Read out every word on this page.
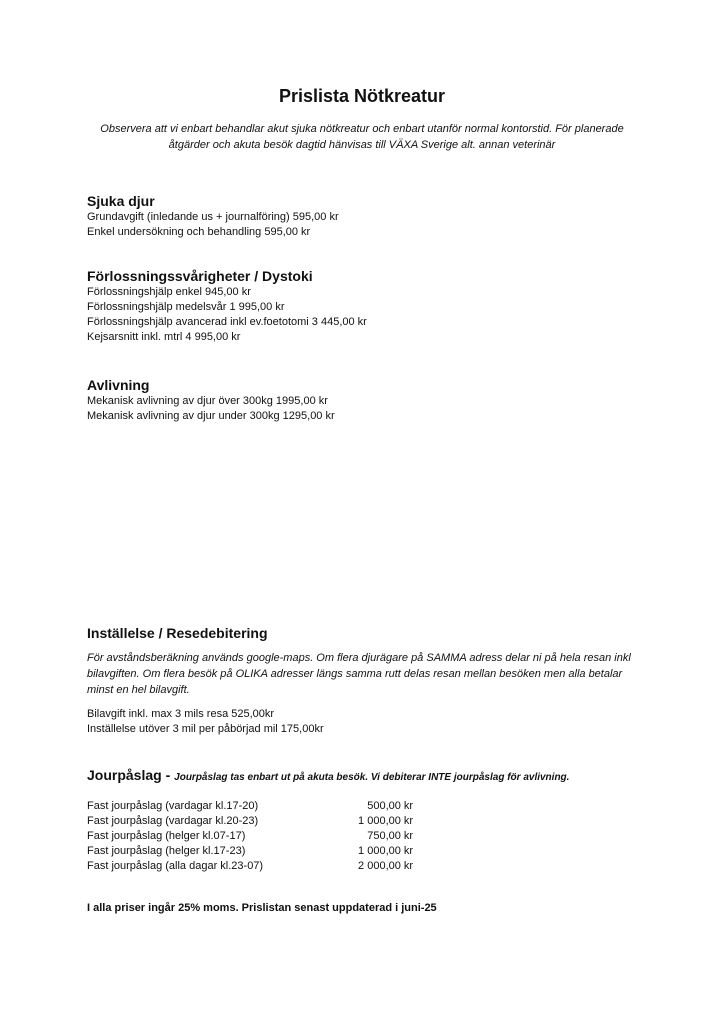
Prislista Nötkreatur

Observera att vi enbart behandlar akut sjuka nötkreatur och enbart utanför normal kontorstid. För planerade åtgärder och akuta besök dagtid hänvisas till VÄXA Sverige alt. annan veterinär

Sjuka djur
Grundavgift (inledande us + journalföring) 595,00 kr
Enkel undersökning och behandling 595,00 kr
Förlossningssvårigheter / Dystoki
Förlossningshjälp enkel 945,00 kr
Förlossningshjälp medelsvår 1 995,00 kr
Förlossningshjälp avancerad inkl ev.foetotomi 3 445,00 kr
Kejsarsnitt inkl. mtrl 4 995,00 kr
Avlivning
Mekanisk avlivning av djur över 300kg 1995,00 kr
Mekanisk avlivning av djur under 300kg 1295,00 kr
Inställelse / Resedebitering

För avståndsberäkning används google-maps. Om flera djurägare på SAMMA adress delar ni på hela resan inkl bilavgiften. Om flera besök på OLIKA adresser längs samma rutt delas resan mellan besöken men alla betalar minst en hel bilavgift.

Bilavgift inkl. max 3 mils resa 525,00kr
Inställelse utöver 3 mil per påbörjad mil 175,00kr

Jourpåslag - Jourpåslag tas enbart ut på akuta besök. Vi debiterar INTE jourpåslag för avlivning.

Fast jourpåslag (vardagar kl.17-20)	500,00 kr
Fast jourpåslag (vardagar kl.20-23)	1 000,00 kr
Fast jourpåslag (helger kl.07-17)	750,00 kr
Fast jourpåslag (helger kl.17-23)	1 000,00 kr
Fast jourpåslag (alla dagar kl.23-07)	2 000,00 kr

I alla priser ingår 25% moms. Prislistan senast uppdaterad i juni-25
